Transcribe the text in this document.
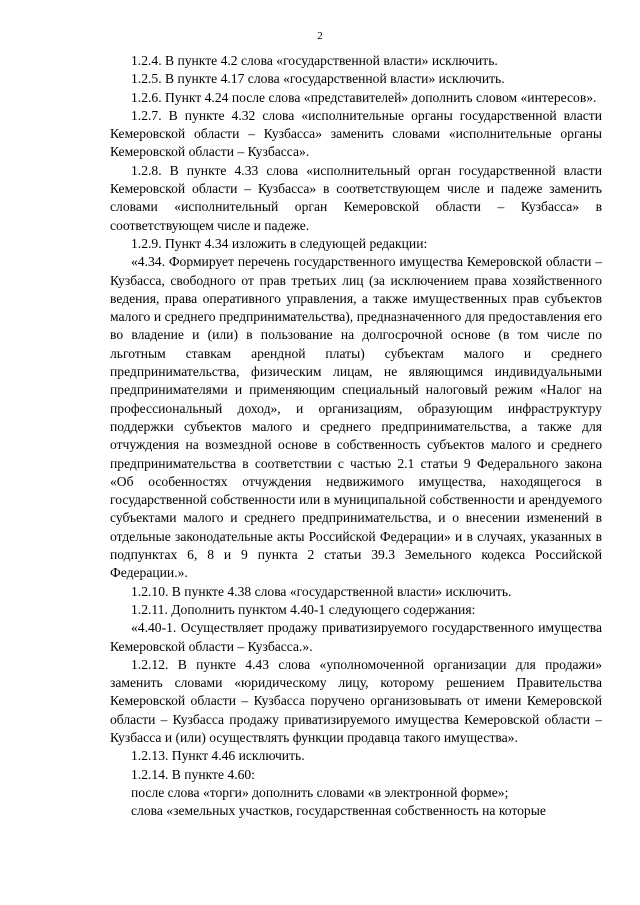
2

1.2.4. В пункте 4.2 слова «государственной власти» исключить.

1.2.5. В пункте 4.17 слова «государственной власти» исключить.

1.2.6. Пункт 4.24 после слова «представителей» дополнить словом «интересов».

1.2.7. В пункте 4.32 слова «исполнительные органы государственной власти Кемеровской области – Кузбасса» заменить словами «исполнительные органы Кемеровской области – Кузбасса».

1.2.8. В пункте 4.33 слова «исполнительный орган государственной власти Кемеровской области – Кузбасса» в соответствующем числе и падеже заменить словами «исполнительный орган Кемеровской области – Кузбасса» в соответствующем числе и падеже.

1.2.9. Пункт 4.34 изложить в следующей редакции:

«4.34. Формирует перечень государственного имущества Кемеровской области – Кузбасса, свободного от прав третьих лиц (за исключением права хозяйственного ведения, права оперативного управления, а также имущественных прав субъектов малого и среднего предпринимательства), предназначенного для предоставления его во владение и (или) в пользование на долгосрочной основе (в том числе по льготным ставкам арендной платы) субъектам малого и среднего предпринимательства, физическим лицам, не являющимся индивидуальными предпринимателями и применяющим специальный налоговый режим «Налог на профессиональный доход», и организациям, образующим инфраструктуру поддержки субъектов малого и среднего предпринимательства, а также для отчуждения на возмездной основе в собственность субъектов малого и среднего предпринимательства в соответствии с частью 2.1 статьи 9 Федерального закона «Об особенностях отчуждения недвижимого имущества, находящегося в государственной собственности или в муниципальной собственности и арендуемого субъектами малого и среднего предпринимательства, и о внесении изменений в отдельные законодательные акты Российской Федерации» и в случаях, указанных в подпунктах 6, 8 и 9 пункта 2 статьи 39.3 Земельного кодекса Российской Федерации.».

1.2.10. В пункте 4.38 слова «государственной власти» исключить.

1.2.11. Дополнить пунктом 4.40-1 следующего содержания:

«4.40-1. Осуществляет продажу приватизируемого государственного имущества Кемеровской области – Кузбасса.».

1.2.12. В пункте 4.43 слова «уполномоченной организации для продажи» заменить словами «юридическому лицу, которому решением Правительства Кемеровской области – Кузбасса поручено организовывать от имени Кемеровской области – Кузбасса продажу приватизируемого имущества Кемеровской области – Кузбасса и (или) осуществлять функции продавца такого имущества».

1.2.13. Пункт 4.46 исключить.

1.2.14. В пункте 4.60:

после слова «торги» дополнить словами «в электронной форме»;

слова «земельных участков, государственная собственность на которые
